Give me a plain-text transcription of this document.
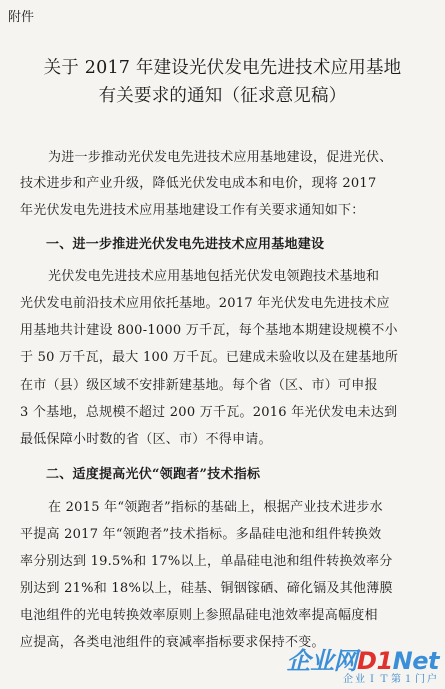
附件
关于 2017 年建设光伏发电先进技术应用基地
有关要求的通知（征求意见稿）
为进一步推动光伏发电先进技术应用基地建设，促进光伏、
技术进步和产业升级，降低光伏发电成本和电价，现将 2017
年光伏发电先进技术应用基地建设工作有关要求通知如下：
一、进一步推进光伏发电先进技术应用基地建设
光伏发电先进技术应用基地包括光伏发电领跑技术基地和
光伏发电前沿技术应用依托基地。2017 年光伏发电先进技术应
用基地共计建设 800-1000 万千瓦，每个基地本期建设规模不小
于 50 万千瓦，最大 100 万千瓦。已建成未验收以及在建基地所
在市（县）级区域不安排新建基地。每个省（区、市）可申报
3 个基地，总规模不超过 200 万千瓦。2016 年光伏发电未达到
最低保障小时数的省（区、市）不得申请。
二、适度提高光伏“领跑者”技术指标
在 2015 年“领跑者”指标的基础上，根据产业技术进步水
平提高 2017 年“领跑者”技术指标。多晶硅电池和组件转换效
率分别达到 19.5%和 17%以上，单晶硅电池和组件转换效率分
别达到 21%和 18%以上，硅基、铜铟镓硒、碲化镉及其他薄膜
电池组件的光电转换效率原则上参照晶硅电池效率提高幅度相
应提高，各类电池组件的衰减率指标要求保持不变。
企业网D1Net
企业ＩＴ第１门户
